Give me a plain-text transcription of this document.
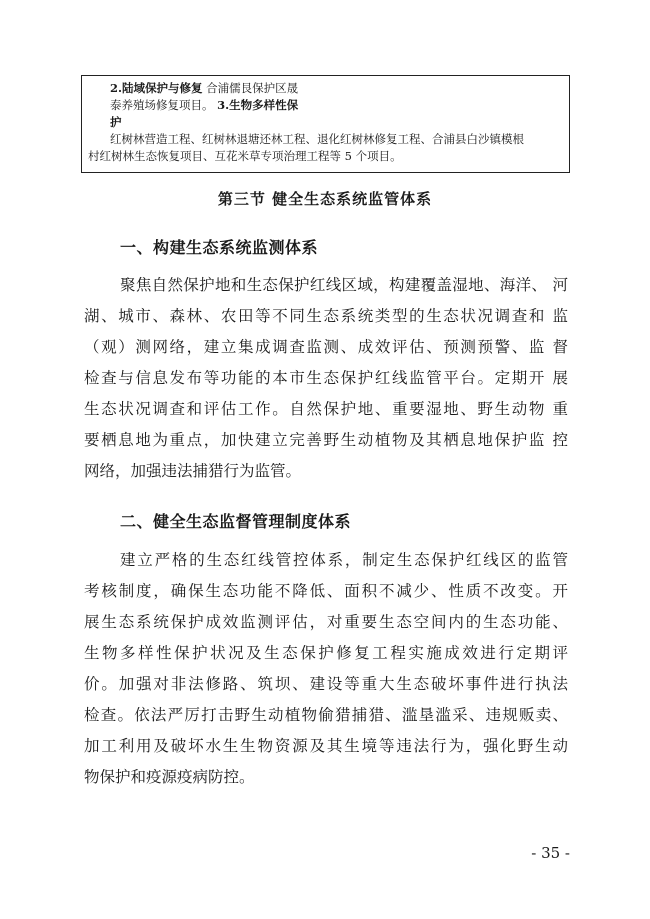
2.陆域保护与修复 合浦儒艮保护区晟
泰养殖场修复项目。 3.生物多样性保
护
红树林营造工程、红树林退塘还林工程、退化红树林修复工程、合浦县白沙镇模根
村红树林生态恢复项目、互花米草专项治理工程等 5 个项目。
第三节 健全生态系统监管体系
一、构建生态系统监测体系
聚焦自然保护地和生态保护红线区域，构建覆盖湿地、海洋、 河
湖、城市、森林、农田等不同生态系统类型的生态状况调查和 监
（观）测网络，建立集成调查监测、成效评估、预测预警、监 督
检查与信息发布等功能的本市生态保护红线监管平台。定期开 展
生态状况调查和评估工作。自然保护地、重要湿地、野生动物 重
要栖息地为重点，加快建立完善野生动植物及其栖息地保护监 控
网络，加强违法捕猎行为监管。
二、健全生态监督管理制度体系
建立严格的生态红线管控体系，制定生态保护红线区的监管
考核制度，确保生态功能不降低、面积不减少、性质不改变。开
展生态系统保护成效监测评估，对重要生态空间内的生态功能、
生物多样性保护状况及生态保护修复工程实施成效进行定期评
价。加强对非法修路、筑坝、建设等重大生态破坏事件进行执法
检查。依法严厉打击野生动植物偷猎捕猎、滥垦滥采、违规贩卖、
加工利用及破坏水生生物资源及其生境等违法行为，强化野生动
物保护和疫源疫病防控。
- 35 -
